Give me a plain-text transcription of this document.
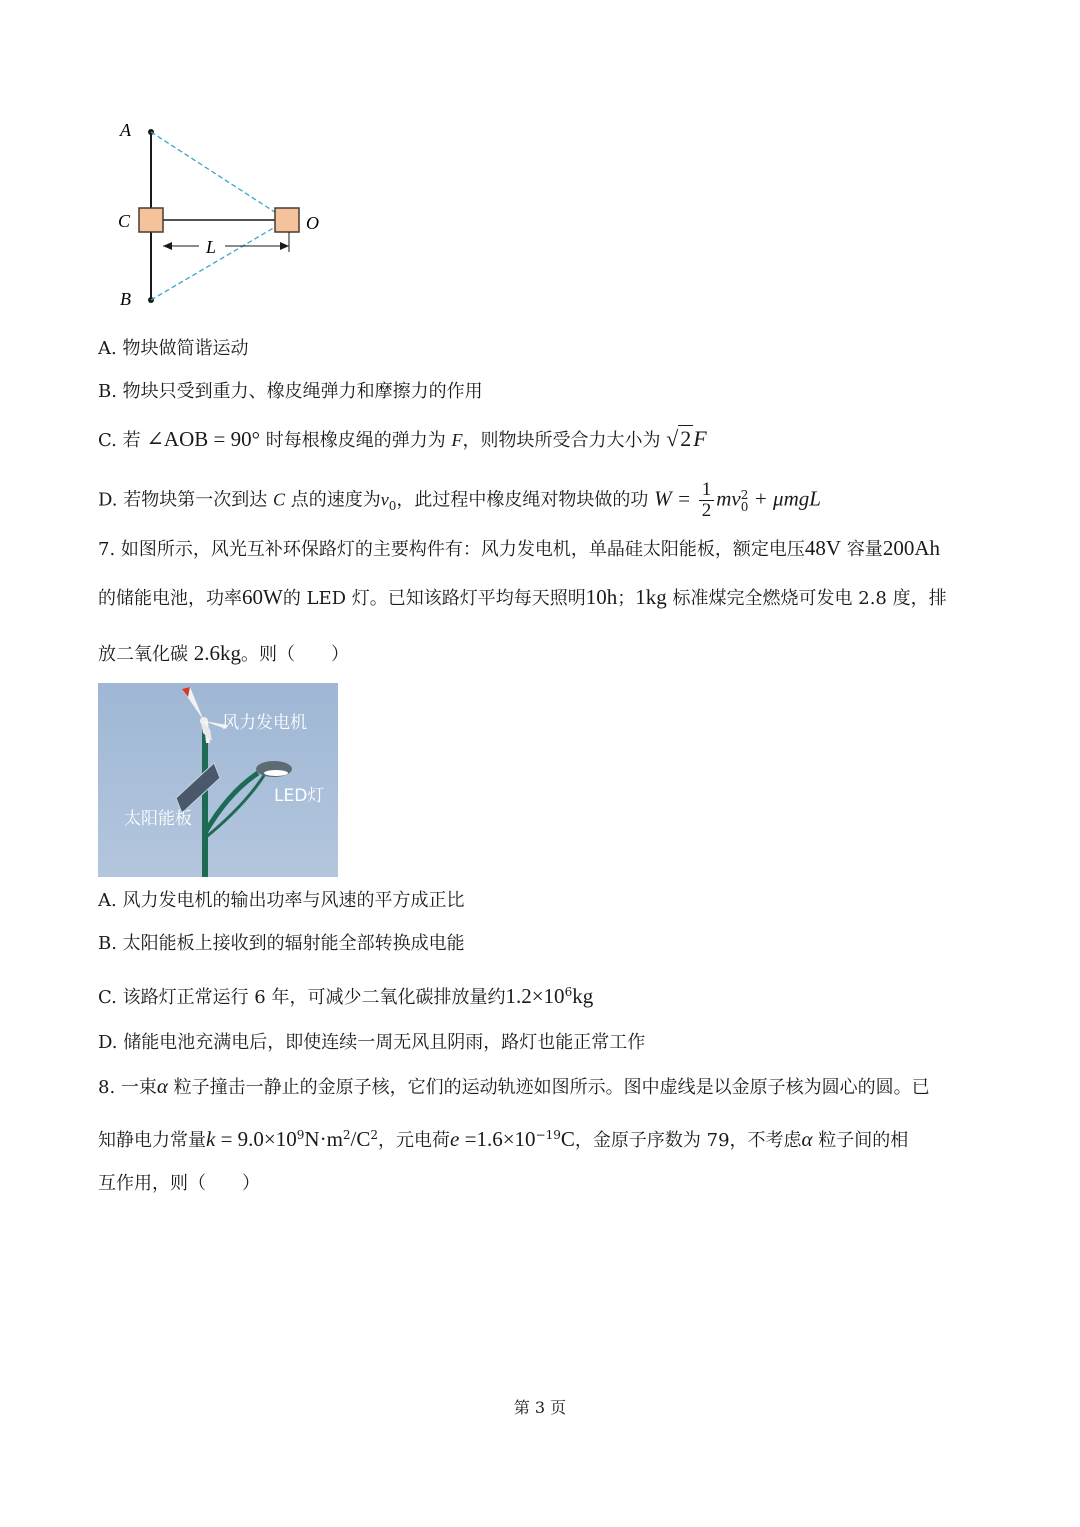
A
B
C	O
L
A. 物块做简谐运动
B. 物块只受到重力、橡皮绳弹力和摩擦力的作用
C. 若 ∠AOB = 90° 时每根橡皮绳的弹力为 F，则物块所受合力大小为 √2F
D. 若物块第一次到达 C 点的速度为$v_0$，此过程中橡皮绳对物块做的功 $W = \frac{1}{2}$ mv 2
0 + μmgL
7. 如图所示，风光互补环保路灯的主要构件有：风力发电机，单晶硅太阳能板，额定电压48V 容量200Ah
的储能电池，功率60W的 LED 灯。已知该路灯平均每天照明10h；1kg 标准煤完全燃烧可发电 2.8 度，排
放二氧化碳 2.6kg。则（　　）
风力发电机
LED灯
太阳能板
A. 风力发电机的输出功率与风速的平方成正比
B. 太阳能板上接收到的辐射能全部转换成电能
C. 该路灯正常运行 6 年，可减少二氧化碳排放量约$1.2\times 10^6kg$
D. 储能电池充满电后，即使连续一周无风且阴雨，路灯也能正常工作
8. 一束α 粒子撞击一静止的金原子核，它们的运动轨迹如图所示。图中虚线是以金原子核为圆心的圆。已
知静电力常量$k = 9.0\times 10^9N\cdot m^2/C^2$，元电荷$e =1.6\times 10^{-19}C$，金原子序数为 79，不考虑α 粒子间的相
互作用，则（　　）
第 3 页
